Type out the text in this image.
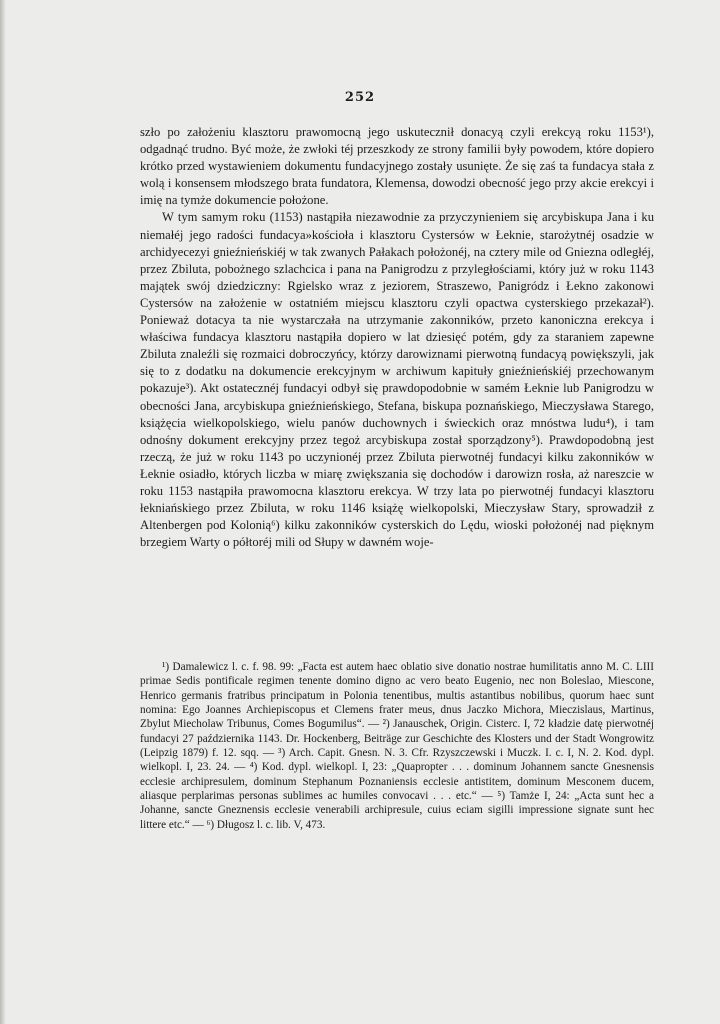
252

szło po założeniu klasztoru prawomocną jego uskutecznił donacyą czyli erekcyą roku 1153¹), odgadnąć trudno. Być może, że zwłoki téj przeszkody ze strony familii były powodem, które dopiero krótko przed wystawieniem dokumentu fundacyjnego zostały usunięte. Że się zaś ta fundacya stała z wolą i konsensem młodszego brata fundatora, Klemensa, dowodzi obecność jego przy akcie erekcyi i imię na tymże dokumencie położone.

W tym samym roku (1153) nastąpiła niezawodnie za przyczynieniem się arcybiskupa Jana i ku niemałéj jego radości fundacya»kościoła i klasztoru Cystersów w Łeknie, starożytnéj osadzie w archidyecezyi gnieźnieńskiéj w tak zwanych Pałakach położonéj, na cztery mile od Gniezna odległéj, przez Zbiluta, pobożnego szlachcica i pana na Panigrodzu z przyległościami, który już w roku 1143 majątek swój dziedziczny: Rgielsko wraz z jeziorem, Straszewo, Panigródz i Łekno zakonowi Cystersów na założenie w ostatniém miejscu klasztoru czyli opactwa cysterskiego przekazał²). Ponieważ dotacya ta nie wystarczała na utrzymanie zakonników, przeto kanoniczna erekcya i właściwa fundacya klasztoru nastąpiła dopiero w lat dziesięć potém, gdy za staraniem zapewne Zbiluta znaleźli się rozmaici dobroczyńcy, którzy darowiznami pierwotną fundacyą powiększyli, jak się to z dodatku na dokumencie erekcyjnym w archiwum kapituły gnieźnieńskiéj przechowanym pokazuje³). Akt ostatecznéj fundacyi odbył się prawdopodobnie w samém Łeknie lub Panigrodzu w obecności Jana, arcybiskupa gnieźnieńskiego, Stefana, biskupa poznańskiego, Mieczysława Starego, książęcia wielkopolskiego, wielu panów duchownych i świeckich oraz mnóstwa ludu⁴), i tam odnośny dokument erekcyjny przez tegoż arcybiskupa został sporządzony⁵). Prawdopodobną jest rzeczą, że już w roku 1143 po uczynionéj przez Zbiluta pierwotnéj fundacyi kilku zakonników w Łeknie osiadło, których liczba w miarę zwiększania się dochodów i darowizn rosła, aż nareszcie w roku 1153 nastąpiła prawomocna klasztoru erekcya. W trzy lata po pierwotnéj fundacyi klasztoru łekniańskiego przez Zbiluta, w roku 1146 książę wielkopolski, Mieczysław Stary, sprowadził z Altenbergen pod Kolonią⁶) kilku zakonników cysterskich do Lędu, wioski położonéj nad pięknym brzegiem Warty o półtoréj mili od Słupy w dawném woje-

¹) Damalewicz l. c. f. 98. 99: „Facta est autem haec oblatio sive donatio nostrae humilitatis anno M. C. LIII primae Sedis pontificale regimen tenente domino digno ac vero beato Eugenio, nec non Boleslao, Miescone, Henrico germanis fratribus principatum in Polonia tenentibus, multis astantibus nobilibus, quorum haec sunt nomina: Ego Joannes Archiepiscopus et Clemens frater meus, dnus Jaczko Michora, Mieczislaus, Martinus, Zbylut Miecholaw Tribunus, Comes Bogumilus“. — ²) Janauschek, Origin. Cisterc. I, 72 kładzie datę pierwotnéj fundacyi 27 października 1143. Dr. Hockenberg, Beiträge zur Geschichte des Klosters und der Stadt Wongrowitz (Leipzig 1879) f. 12. sqq. — ³) Arch. Capit. Gnesn. N. 3. Cfr. Rzyszczewski i Muczk. I. c. I, N. 2. Kod. dypl. wielkopl. I, 23. 24. — ⁴) Kod. dypl. wielkopl. I, 23: „Quapropter . . . dominum Johannem sancte Gnesnensis ecclesie archipresulem, dominum Stephanum Poznaniensis ecclesie antistitem, dominum Mesconem ducem, aliasque perplarimas personas sublimes ac humiles convocavi . . . etc.“ — ⁵) Tamże I, 24: „Acta sunt hec a Johanne, sancte Gneznensis ecclesie venerabili archipresule, cuius eciam sigilli impressione signate sunt hec littere etc.“ — ⁶) Długosz l. c. lib. V, 473.
